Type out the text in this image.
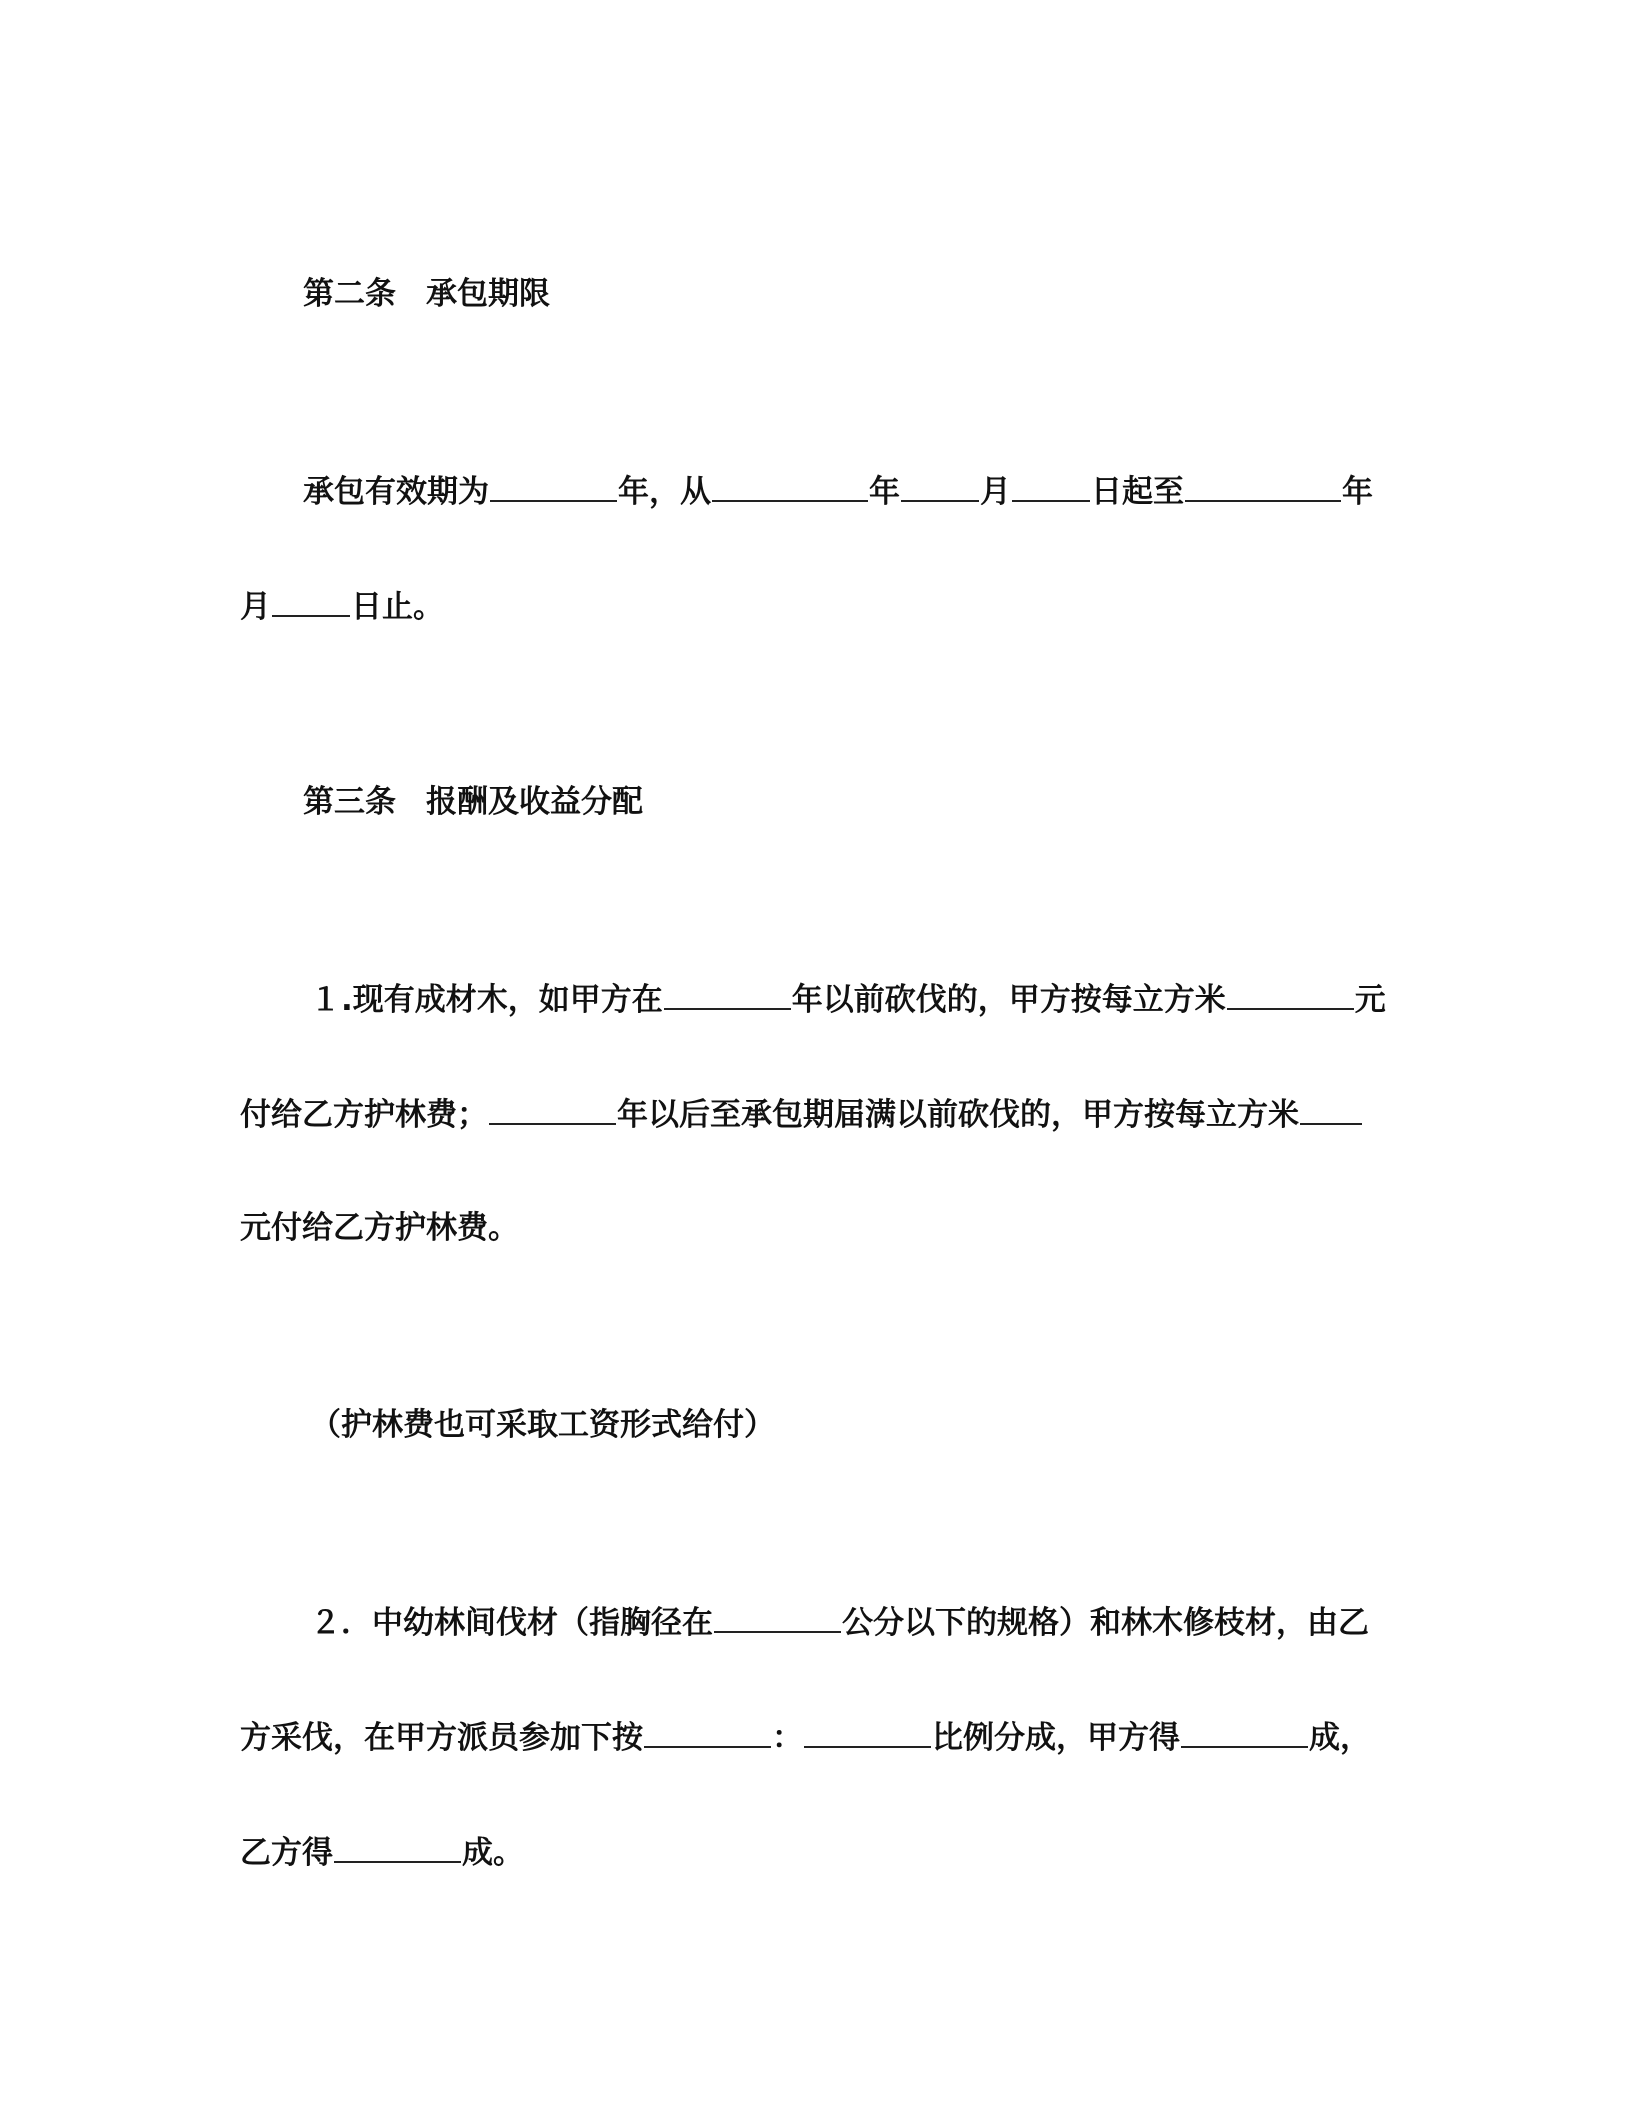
第二条 承包期限
承包有效期为	年，从	年	月	日起至	年
月	日止。
第三条 报酬及收益分配
１.现有成材木，如甲方在	年以前砍伐的，甲方按每立方米	元
付给乙方护林费；	年以后至承包期届满以前砍伐的，甲方按每立方米
元付给乙方护林费。
（护林费也可采取工资形式给付）
２．中幼林间伐材（指胸径在	公分以下的规格）和林木修枝材，由乙
方采伐，在甲方派员参加下按	：	比例分成，甲方得	成，
乙方得	成。
